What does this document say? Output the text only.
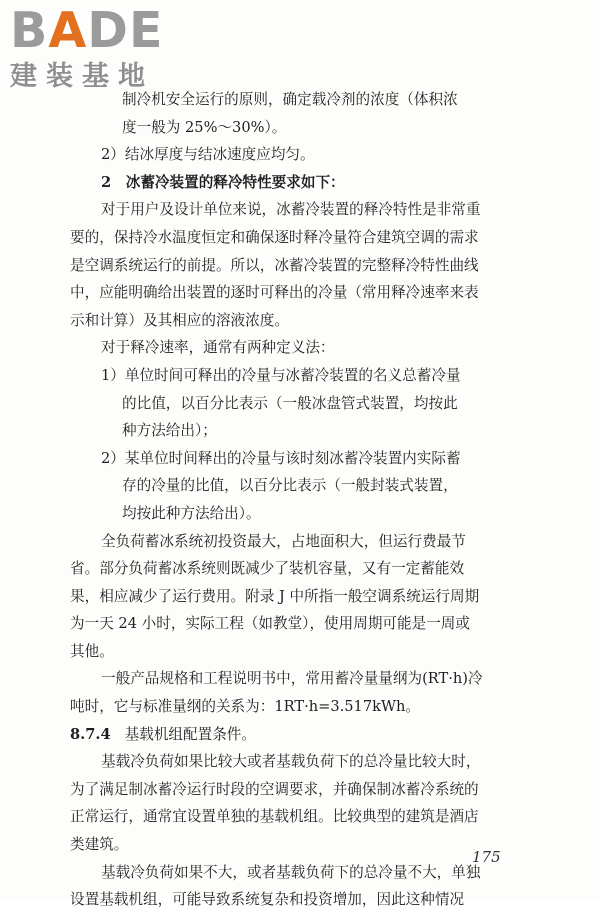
BADE
建装基地
制冷机安全运行的原则，确定载冷剂的浓度（体积浓
度一般为 25%～30%）。
2）结冰厚度与结冰速度应均匀。
2　冰蓄冷装置的释冷特性要求如下：
对于用户及设计单位来说，冰蓄冷装置的释冷特性是非常重
要的，保持冷水温度恒定和确保逐时释冷量符合建筑空调的需求
是空调系统运行的前提。所以，冰蓄冷装置的完整释冷特性曲线
中，应能明确给出装置的逐时可释出的冷量（常用释冷速率来表
示和计算）及其相应的溶液浓度。
对于释冷速率，通常有两种定义法：
1）单位时间可释出的冷量与冰蓄冷装置的名义总蓄冷量
的比值，以百分比表示（一般冰盘管式装置，均按此
种方法给出）；
2）某单位时间释出的冷量与该时刻冰蓄冷装置内实际蓄
存的冷量的比值，以百分比表示（一般封装式装置，
均按此种方法给出）。
全负荷蓄冰系统初投资最大，占地面积大，但运行费最节
省。部分负荷蓄冰系统则既减少了装机容量，又有一定蓄能效
果，相应减少了运行费用。附录 J 中所指一般空调系统运行周期
为一天 24 小时，实际工程（如教堂），使用周期可能是一周或
其他。
一般产品规格和工程说明书中，常用蓄冷量量纲为(RT·h)冷
吨时，它与标准量纲的关系为：1RT·h=3.517kWh。
8.7.4 基载机组配置条件。
基载冷负荷如果比较大或者基载负荷下的总冷量比较大时，
为了满足制冰蓄冷运行时段的空调要求，并确保制冰蓄冷系统的
正常运行，通常宜设置单独的基载机组。比较典型的建筑是酒店
类建筑。
基载冷负荷如果不大，或者基载负荷下的总冷量不大，单独
设置基载机组，可能导致系统复杂和投资增加，因此这种情况
175
